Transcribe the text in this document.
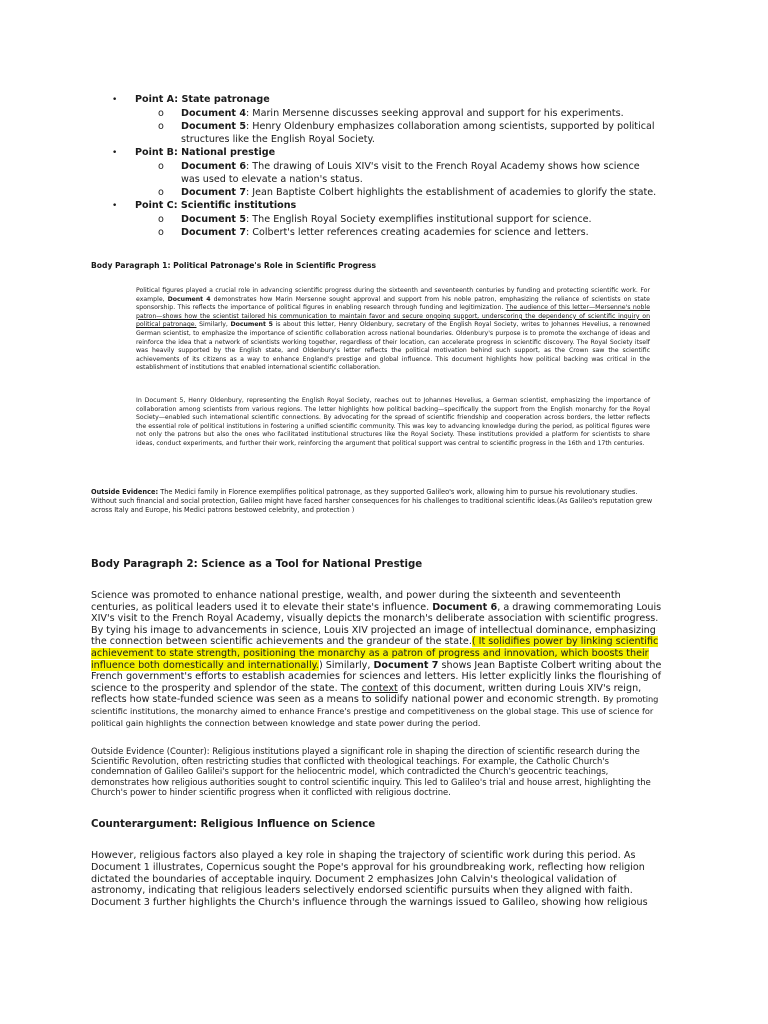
• Point A: State patronage
o Document 4: Marin Mersenne discusses seeking approval and support for his experiments.
o Document 5: Henry Oldenbury emphasizes collaboration among scientists, supported by political structures like the English Royal Society.
• Point B: National prestige
o Document 6: The drawing of Louis XIV's visit to the French Royal Academy shows how science was used to elevate a nation's status.
o Document 7: Jean Baptiste Colbert highlights the establishment of academies to glorify the state.
• Point C: Scientific institutions
o Document 5: The English Royal Society exemplifies institutional support for science.
o Document 7: Colbert's letter references creating academies for science and letters.
Body Paragraph 1: Political Patronage's Role in Scientific Progress
Political figures played a crucial role in advancing scientific progress during the sixteenth and seventeenth centuries by funding and protecting scientific work. For example, Document 4 demonstrates how Marin Mersenne sought approval and support from his noble patron, emphasizing the reliance of scientists on state sponsorship. This reflects the importance of political figures in enabling research through funding and legitimization. The audience of this letter—Mersenne's noble patron—shows how the scientist tailored his communication to maintain favor and secure ongoing support, underscoring the dependency of scientific inquiry on political patronage. Similarly, Document 5 is about this letter, Henry Oldenbury, secretary of the English Royal Society, writes to Johannes Hevelius, a renowned German scientist, to emphasize the importance of scientific collaboration across national boundaries. Oldenbury's purpose is to promote the exchange of ideas and reinforce the idea that a network of scientists working together, regardless of their location, can accelerate progress in scientific discovery. The Royal Society itself was heavily supported by the English state, and Oldenbury's letter reflects the political motivation behind such support, as the Crown saw the scientific achievements of its citizens as a way to enhance England's prestige and global influence. This document highlights how political backing was critical in the establishment of institutions that enabled international scientific collaboration.
In Document 5, Henry Oldenbury, representing the English Royal Society, reaches out to Johannes Hevelius, a German scientist, emphasizing the importance of collaboration among scientists from various regions. The letter highlights how political backing—specifically the support from the English monarchy for the Royal Society—enabled such international scientific connections. By advocating for the spread of scientific friendship and cooperation across borders, the letter reflects the essential role of political institutions in fostering a unified scientific community. This was key to advancing knowledge during the period, as political figures were not only the patrons but also the ones who facilitated institutional structures like the Royal Society. These institutions provided a platform for scientists to share ideas, conduct experiments, and further their work, reinforcing the argument that political support was central to scientific progress in the 16th and 17th centuries.
Outside Evidence: The Medici family in Florence exemplifies political patronage, as they supported Galileo's work, allowing him to pursue his revolutionary studies. Without such financial and social protection, Galileo might have faced harsher consequences for his challenges to traditional scientific ideas.(As Galileo's reputation grew across Italy and Europe, his Medici patrons bestowed celebrity, and protection )
Body Paragraph 2: Science as a Tool for National Prestige
Science was promoted to enhance national prestige, wealth, and power during the sixteenth and seventeenth centuries, as political leaders used it to elevate their state's influence. Document 6, a drawing commemorating Louis XIV's visit to the French Royal Academy, visually depicts the monarch's deliberate association with scientific progress. By tying his image to advancements in science, Louis XIV projected an image of intellectual dominance, emphasizing the connection between scientific achievements and the grandeur of the state.( It solidifies power by linking scientific achievement to state strength, positioning the monarchy as a patron of progress and innovation, which boosts their influence both domestically and internationally.) Similarly, Document 7 shows Jean Baptiste Colbert writing about the French government's efforts to establish academies for sciences and letters. His letter explicitly links the flourishing of science to the prosperity and splendor of the state. The context of this document, written during Louis XIV's reign, reflects how state-funded science was seen as a means to solidify national power and economic strength. By promoting scientific institutions, the monarchy aimed to enhance France's prestige and competitiveness on the global stage. This use of science for political gain highlights the connection between knowledge and state power during the period.
Outside Evidence (Counter): Religious institutions played a significant role in shaping the direction of scientific research during the Scientific Revolution, often restricting studies that conflicted with theological teachings. For example, the Catholic Church's condemnation of Galileo Galilei's support for the heliocentric model, which contradicted the Church's geocentric teachings, demonstrates how religious authorities sought to control scientific inquiry. This led to Galileo's trial and house arrest, highlighting the Church's power to hinder scientific progress when it conflicted with religious doctrine.
Counterargument: Religious Influence on Science
However, religious factors also played a key role in shaping the trajectory of scientific work during this period. As Document 1 illustrates, Copernicus sought the Pope's approval for his groundbreaking work, reflecting how religion dictated the boundaries of acceptable inquiry. Document 2 emphasizes John Calvin's theological validation of astronomy, indicating that religious leaders selectively endorsed scientific pursuits when they aligned with faith. Document 3 further highlights the Church's influence through the warnings issued to Galileo, showing how religious
